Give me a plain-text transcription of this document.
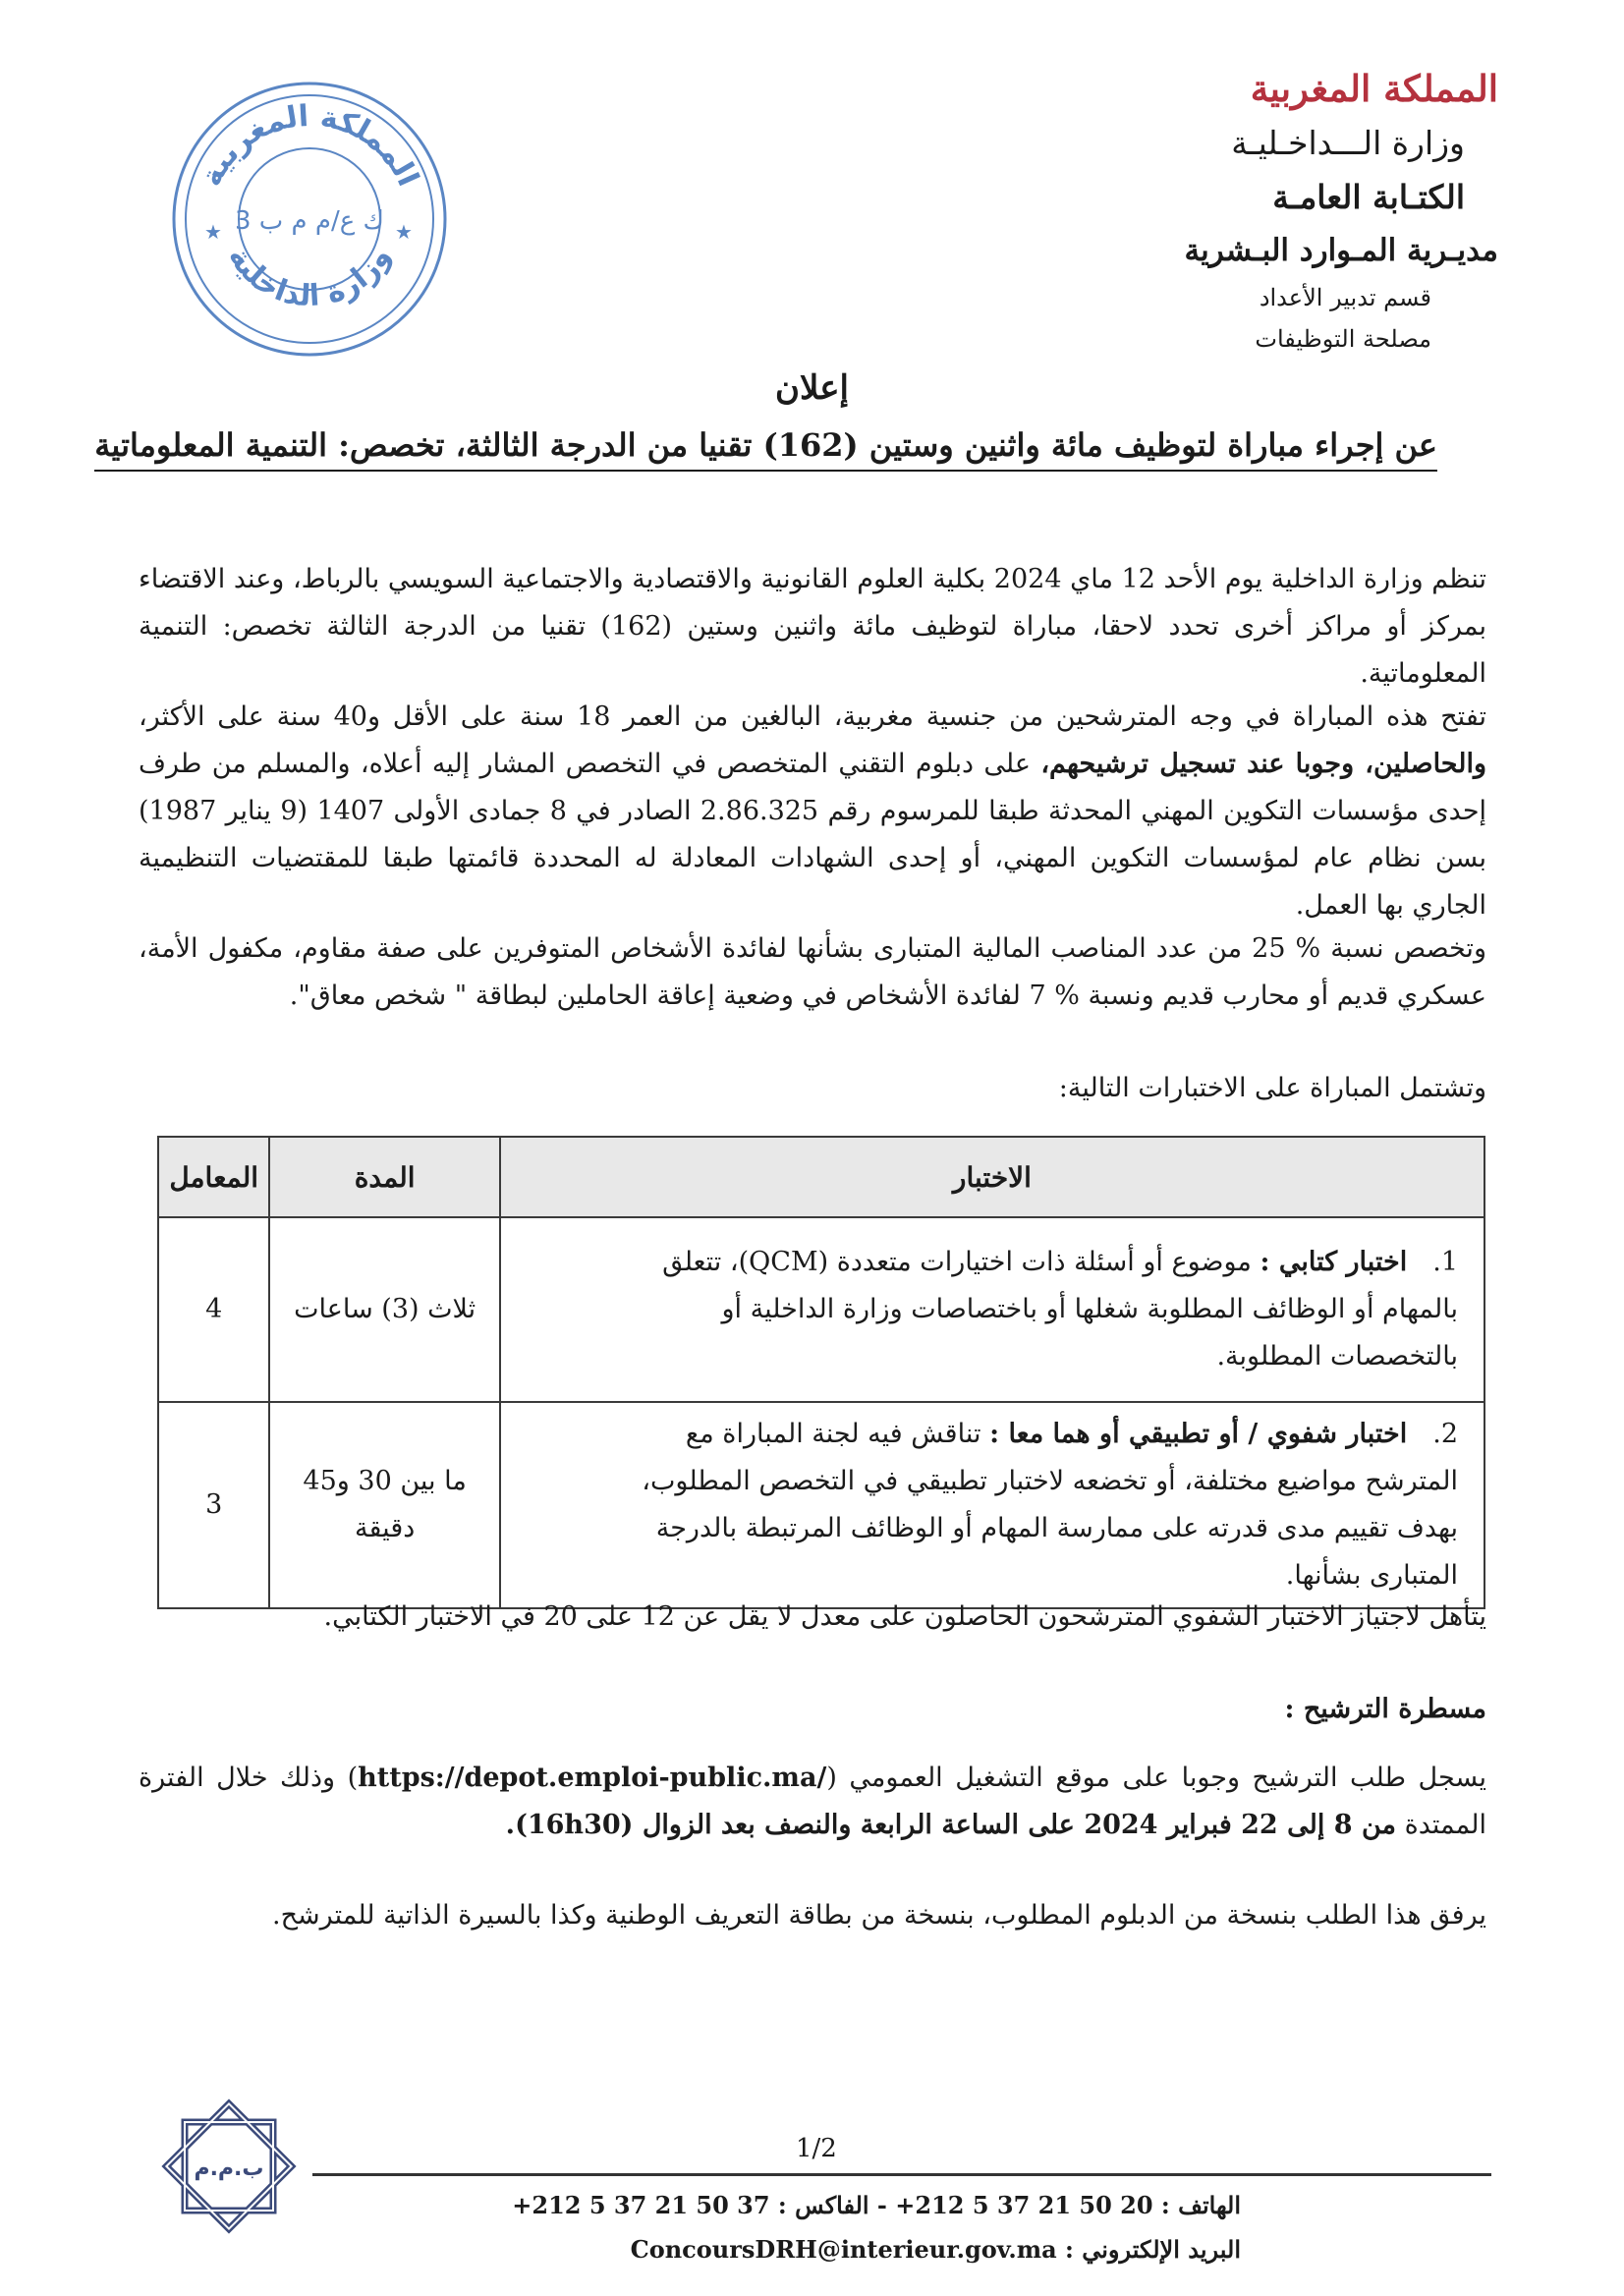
المملكة المغربية
وزارة الداخلية
ك ع/م م ب 3
★	★
المملكة المغربية
وزارة الـــداخـليـة
الكتـابة العامـة
مديـرية المـوارد البـشرية
قسم تدبير الأعداد
مصلحة التوظيفات
إعلان
عن إجراء مباراة لتوظيف مائة واثنين وستين (162) تقنيا من الدرجة الثالثة، تخصص: التنمية المعلوماتية

تنظم وزارة الداخلية يوم الأحد 12 ماي 2024 بكلية العلوم القانونية والاقتصادية والاجتماعية السويسي بالرباط، وعند الاقتضاء بمركز أو مراكز أخرى تحدد لاحقا، مباراة لتوظيف مائة واثنين وستين (162) تقنيا من الدرجة الثالثة تخصص: التنمية المعلوماتية.

تفتح هذه المباراة في وجه المترشحين من جنسية مغربية، البالغين من العمر 18 سنة على الأقل و40 سنة على الأكثر، والحاصلين، وجوبا عند تسجيل ترشيحهم، على دبلوم التقني المتخصص في التخصص المشار إليه أعلاه، والمسلم من طرف إحدى مؤسسات التكوين المهني المحدثة طبقا للمرسوم رقم 2.86.325 الصادر في 8 جمادى الأولى 1407 (9 يناير 1987) بسن نظام عام لمؤسسات التكوين المهني، أو إحدى الشهادات المعادلة له المحددة قائمتها طبقا للمقتضيات التنظيمية الجاري بها العمل.

وتخصص نسبة % 25 من عدد المناصب المالية المتبارى بشأنها لفائدة الأشخاص المتوفرين على صفة مقاوم، مكفول الأمة، عسكري قديم أو محارب قديم ونسبة % 7 لفائدة الأشخاص في وضعية إعاقة الحاملين لبطاقة " شخص معاق".

وتشتمل المباراة على الاختبارات التالية:

الاختبار	المدة	المعامل
1.اختبار كتابي : موضوع أو أسئلة ذات اختيارات متعددة (QCM)، تتعلق بالمهام أو الوظائف المطلوبة شغلها أو باختصاصات وزارة الداخلية أو بالتخصصات المطلوبة.	ثلاث (3) ساعات	4
2.اختبار شفوي / أو تطبيقي أو هما معا : تناقش فيه لجنة المباراة مع المترشح مواضيع مختلفة، أو تخضعه لاختبار تطبيقي في التخصص المطلوب، بهدف تقييم مدى قدرته على ممارسة المهام أو الوظائف المرتبطة بالدرجة المتبارى بشأنها.	ما بين 30 و45 دقيقة	3

يتأهل لاجتياز الاختبار الشفوي المترشحون الحاصلون على معدل لا يقل عن 12 على 20 في الاختبار الكتابي.

مسطرة الترشيح :

يسجل طلب الترشيح وجوبا على موقع التشغيل العمومي (https://depot.emploi-public.ma/) وذلك خلال الفترة الممتدة من 8 إلى 22 فبراير 2024 على الساعة الرابعة والنصف بعد الزوال (16h30).

يرفق هذا الطلب بنسخة من الدبلوم المطلوب، بنسخة من بطاقة التعريف الوطنية وكذا بالسيرة الذاتية للمترشح.

ب.م.م
1/2
الهاتف : +212 5 37 21 50 20 - الفاكس : +212 5 37 21 50 37
البريد الإلكتروني : ConcoursDRH@interieur.gov.ma
